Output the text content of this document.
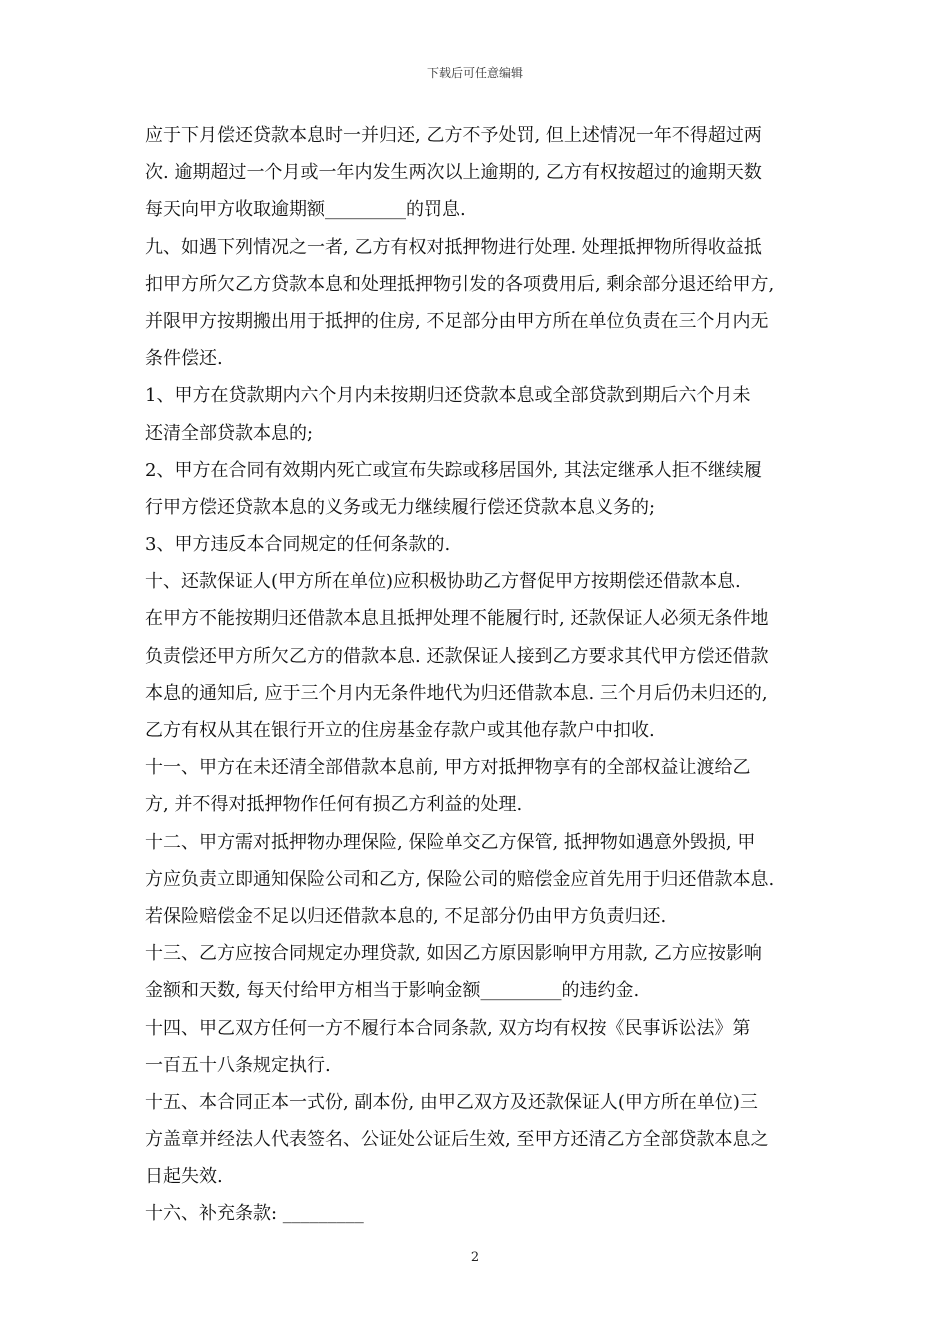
下载后可任意编辑
应于下月偿还贷款本息时一并归还, 乙方不予处罚, 但上述情况一年不得超过两
次. 逾期超过一个月或一年内发生两次以上逾期的, 乙方有权按超过的逾期天数
每天向甲方收取逾期额_________的罚息.
九、如遇下列情况之一者, 乙方有权对抵押物进行处理. 处理抵押物所得收益抵
扣甲方所欠乙方贷款本息和处理抵押物引发的各项费用后, 剩余部分退还给甲方,
并限甲方按期搬出用于抵押的住房, 不足部分由甲方所在单位负责在三个月内无
条件偿还.
1、甲方在贷款期内六个月内未按期归还贷款本息或全部贷款到期后六个月未
还清全部贷款本息的;
2、甲方在合同有效期内死亡或宣布失踪或移居国外, 其法定继承人拒不继续履
行甲方偿还贷款本息的义务或无力继续履行偿还贷款本息义务的;
3、甲方违反本合同规定的任何条款的.
十、还款保证人(甲方所在单位)应积极协助乙方督促甲方按期偿还借款本息.
在甲方不能按期归还借款本息且抵押处理不能履行时, 还款保证人必须无条件地
负责偿还甲方所欠乙方的借款本息. 还款保证人接到乙方要求其代甲方偿还借款
本息的通知后, 应于三个月内无条件地代为归还借款本息. 三个月后仍未归还的,
乙方有权从其在银行开立的住房基金存款户或其他存款户中扣收.
十一、甲方在未还清全部借款本息前, 甲方对抵押物享有的全部权益让渡给乙
方, 并不得对抵押物作任何有损乙方利益的处理.
十二、甲方需对抵押物办理保险, 保险单交乙方保管, 抵押物如遇意外毁损, 甲
方应负责立即通知保险公司和乙方, 保险公司的赔偿金应首先用于归还借款本息.
若保险赔偿金不足以归还借款本息的, 不足部分仍由甲方负责归还.
十三、乙方应按合同规定办理贷款, 如因乙方原因影响甲方用款, 乙方应按影响
金额和天数, 每天付给甲方相当于影响金额_________的违约金.
十四、甲乙双方任何一方不履行本合同条款, 双方均有权按《民事诉讼法》第
一百五十八条规定执行.
十五、本合同正本一式份, 副本份, 由甲乙双方及还款保证人(甲方所在单位)三
方盖章并经法人代表签名、公证处公证后生效, 至甲方还清乙方全部贷款本息之
日起失效.
十六、补充条款: _________
2
